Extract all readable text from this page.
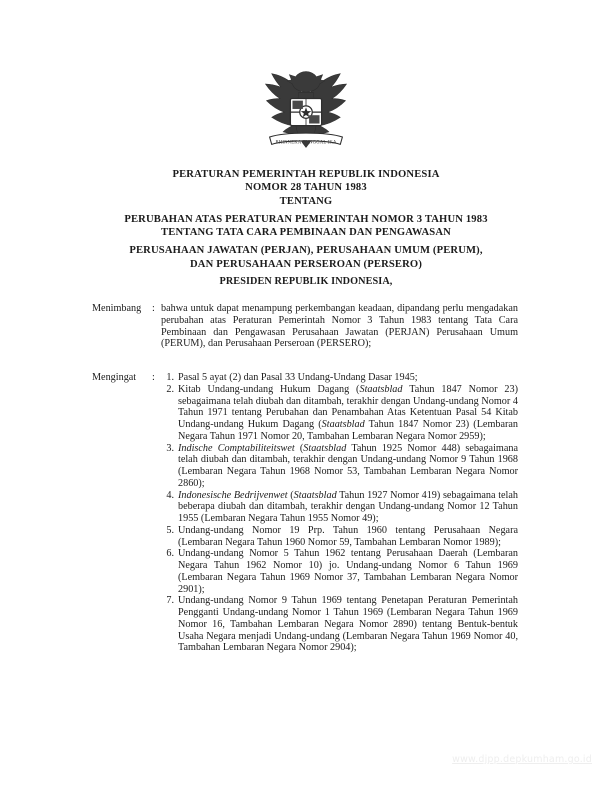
BHINNEKA TUNGGAL IKA
PERATURAN PEMERINTAH REPUBLIK INDONESIA
NOMOR 28 TAHUN 1983
TENTANG
PERUBAHAN ATAS PERATURAN PEMERINTAH NOMOR 3 TAHUN 1983
TENTANG TATA CARA PEMBINAAN DAN PENGAWASAN
PERUSAHAAN JAWATAN (PERJAN), PERUSAHAAN UMUM (PERUM),
DAN PERUSAHAAN PERSEROAN (PERSERO)
PRESIDEN REPUBLIK INDONESIA,
Menimbang	: bahwa untuk dapat menampung perkembangan keadaan, dipandang perlu mengadakan perubahan atas Peraturan Pemerintah Nomor 3 Tahun 1983 tentang Tata Cara Pembinaan dan Pengawasan Perusahaan Jawatan (PERJAN) Perusahaan Umum (PERUM), dan Perusahaan Perseroan (PERSERO);

Mengingat	:	1. Pasal 5 ayat (2) dan Pasal 33 Undang-Undang Dasar 1945;
2. Kitab Undang-undang Hukum Dagang (Staatsblad Tahun 1847 Nomor 23) sebagaimana telah diubah dan ditambah, terakhir dengan Undang-undang Nomor 4 Tahun 1971 tentang Perubahan dan Penambahan Atas Ketentuan Pasal 54 Kitab Undang-undang Hukum Dagang (Staatsblad Tahun 1847 Nomor 23) (Lembaran Negara Tahun 1971 Nomor 20, Tambahan Lembaran Negara Nomor 2959);
3. Indische Comptabiliteitswet (Staatsblad Tahun 1925 Nomor 448) sebagaimana telah diubah dan ditambah, terakhir dengan Undang-undang Nomor 9 Tahun 1968 (Lembaran Negara Tahun 1968 Nomor 53, Tambahan Lembaran Negara Nomor 2860);
4. Indonesische Bedrijvenwet (Staatsblad Tahun 1927 Nomor 419) sebagaimana telah beberapa diubah dan ditambah, terakhir dengan Undang-undang Nomor 12 Tahun 1955 (Lembaran Negara Tahun 1955 Nomor 49);
5. Undang-undang Nomor 19 Prp. Tahun 1960 tentang Perusahaan Negara (Lembaran Negara Tahun 1960 Nomor 59, Tambahan Lembaran Nomor 1989);
6. Undang-undang Nomor 5 Tahun 1962 tentang Perusahaan Daerah (Lembaran Negara Tahun 1962 Nomor 10) jo. Undang-undang Nomor 6 Tahun 1969 (Lembaran Negara Tahun 1969 Nomor 37, Tambahan Lembaran Negara Nomor 2901);
7. Undang-undang Nomor 9 Tahun 1969 tentang Penetapan Peraturan Pemerintah Pengganti Undang-undang Nomor 1 Tahun 1969 (Lembaran Negara Tahun 1969 Nomor 16, Tambahan Lembaran Negara Nomor 2890) tentang Bentuk-bentuk Usaha Negara menjadi Undang-undang (Lembaran Negara Tahun 1969 Nomor 40, Tambahan Lembaran Negara Nomor 2904);
www.djpp.depkumham.go.id
